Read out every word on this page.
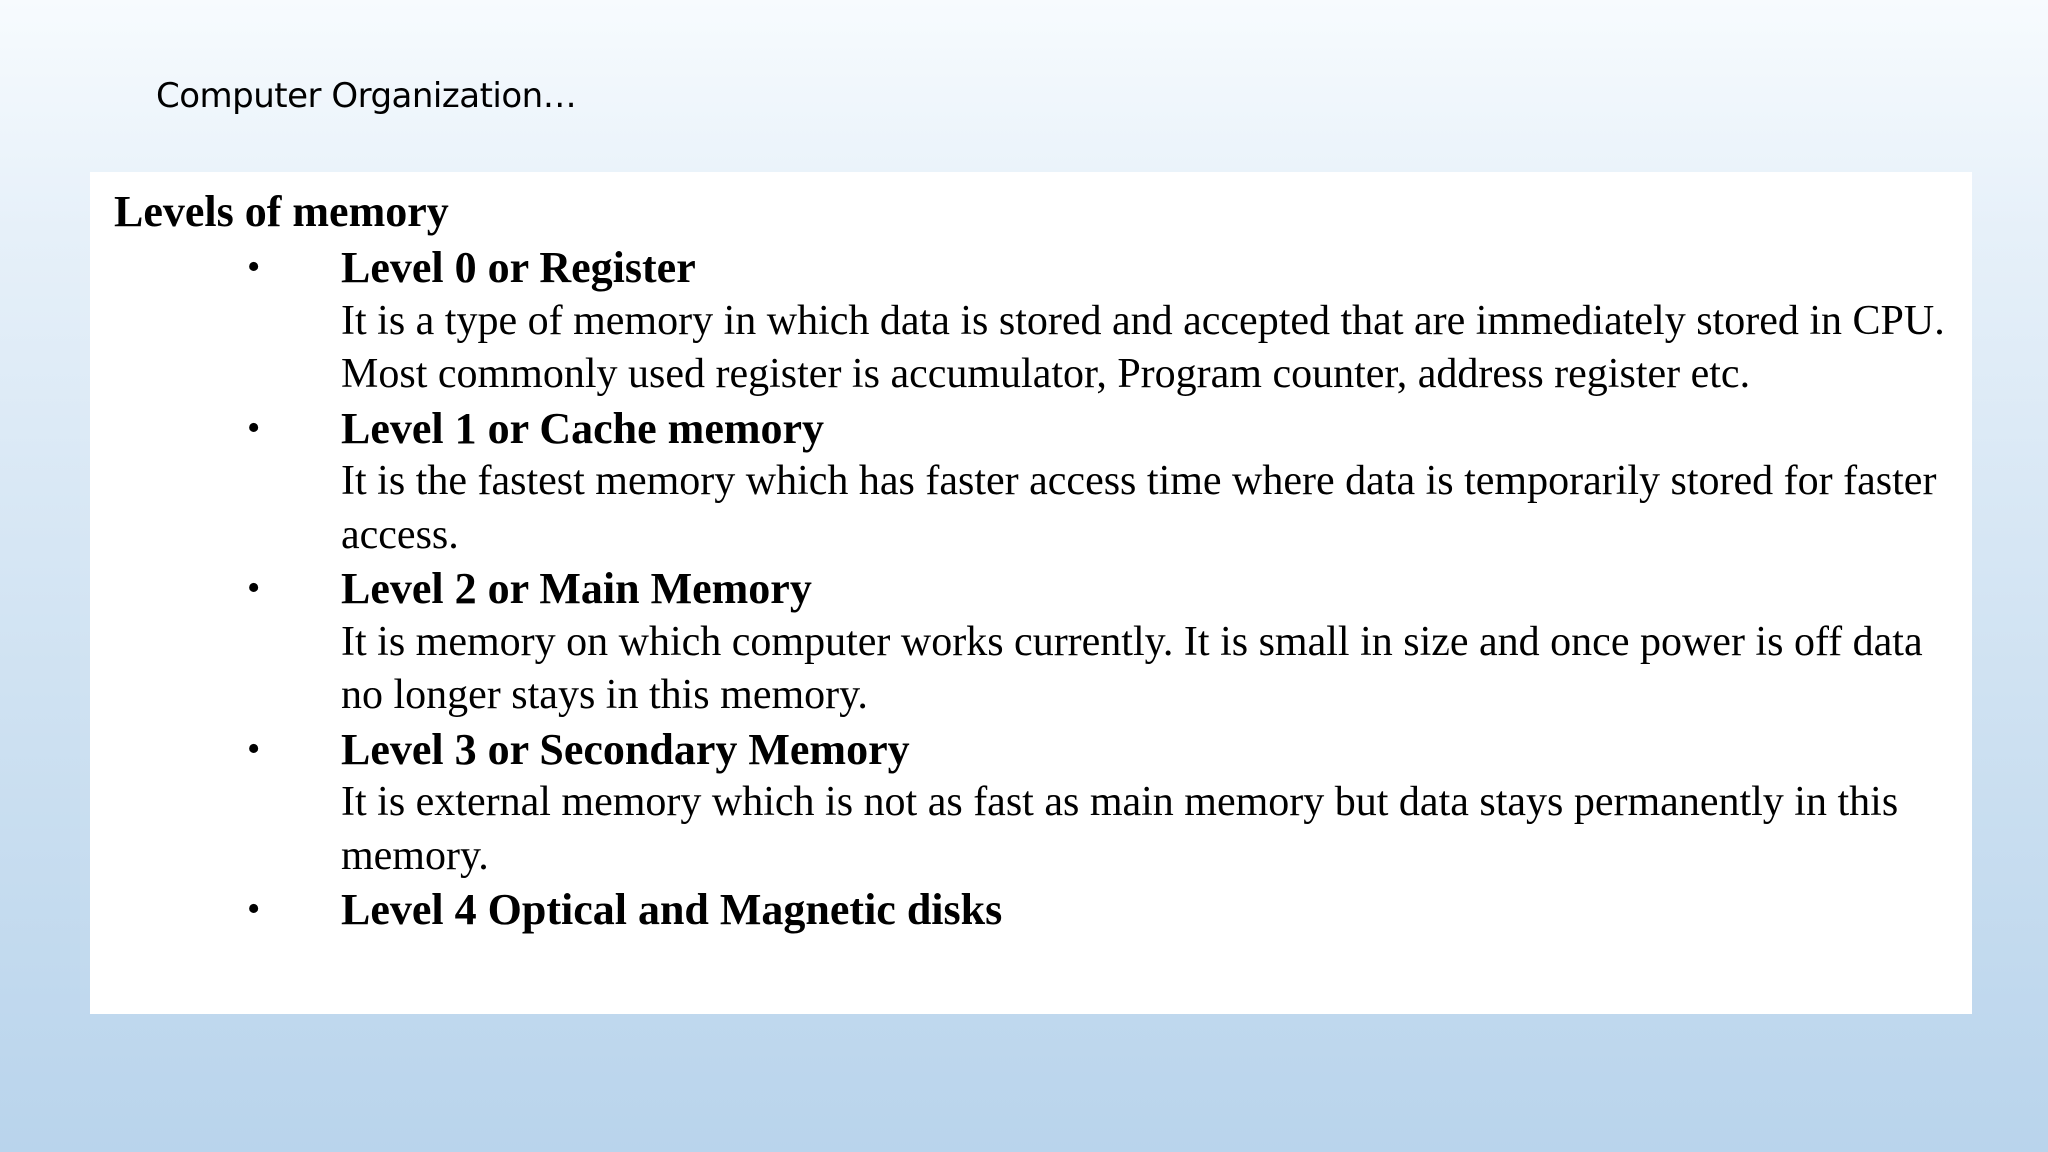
Computer Organization…
Levels of memory
• Level 0 or Register
It is a type of memory in which data is stored and accepted that are immediately stored in CPU. Most commonly used register is accumulator, Program counter, address register etc.
• Level 1 or Cache memory
It is the fastest memory which has faster access time where data is temporarily stored for faster access.
• Level 2 or Main Memory
It is memory on which computer works currently. It is small in size and once power is off data no longer stays in this memory.
• Level 3 or Secondary Memory
It is external memory which is not as fast as main memory but data stays permanently in this memory.
• Level 4 Optical and Magnetic disks
